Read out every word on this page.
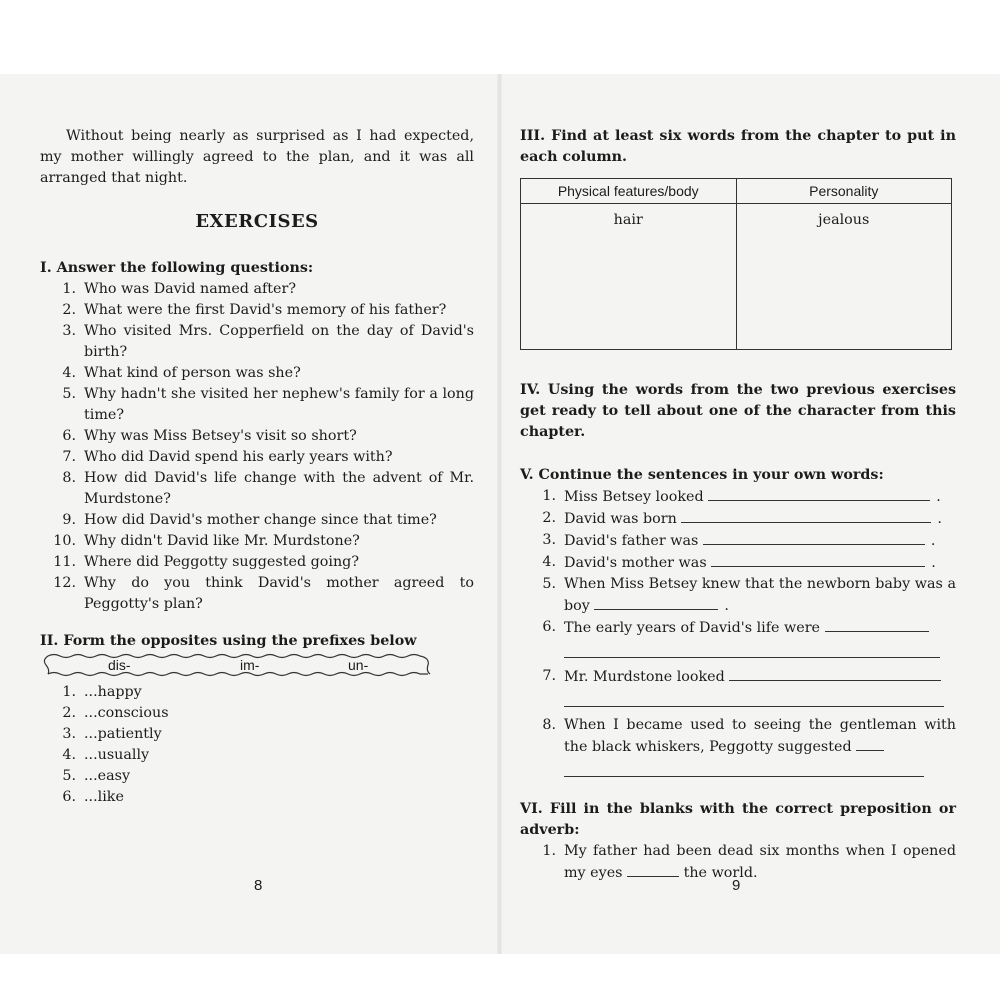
Without being nearly as surprised as I had expected, my mother willingly agreed to the plan, and it was all arranged that night.

EXERCISES
I. Answer the following questions:
1. Who was David named after?
2. What were the first David's memory of his father?
3. Who visited Mrs. Copperfield on the day of David's birth?
4. What kind of person was she?
5. Why hadn't she visited her nephew's family for a long time?
6. Why was Miss Betsey's visit so short?
7. Who did David spend his early years with?
8. How did David's life change with the advent of Mr. Murdstone?
9. How did David's mother change since that time?
10. Why didn't David like Mr. Murdstone?
11. Where did Peggotty suggested going?
12. Why do you think David's mother agreed to Peggotty's plan?
II. Form the opposites using the prefixes below
dis-	im-	un-
1. ...happy
2. ...conscious
3. ...patiently
4. ...usually
5. ...easy
6. ...like
8
III. Find at least six words from the chapter to put in each column.
Physical features/body	Personality
hair	jealous
IV. Using the words from the two previous exercises get ready to tell about one of the character from this chapter.
V. Continue the sentences in your own words:
1. Miss Betsey looked	.
2. David was born	.
3. David's father was	.
4. David's mother was	.
5. When Miss Betsey knew that the newborn baby was a boy	.
6. The early years of David's life were
7. Mr. Murdstone looked
8. When I became used to seeing the gentleman with the black whiskers, Peggotty suggested
VI. Fill in the blanks with the correct preposition or adverb:
1. My father had been dead six months when I opened my eyes	the world.
9
